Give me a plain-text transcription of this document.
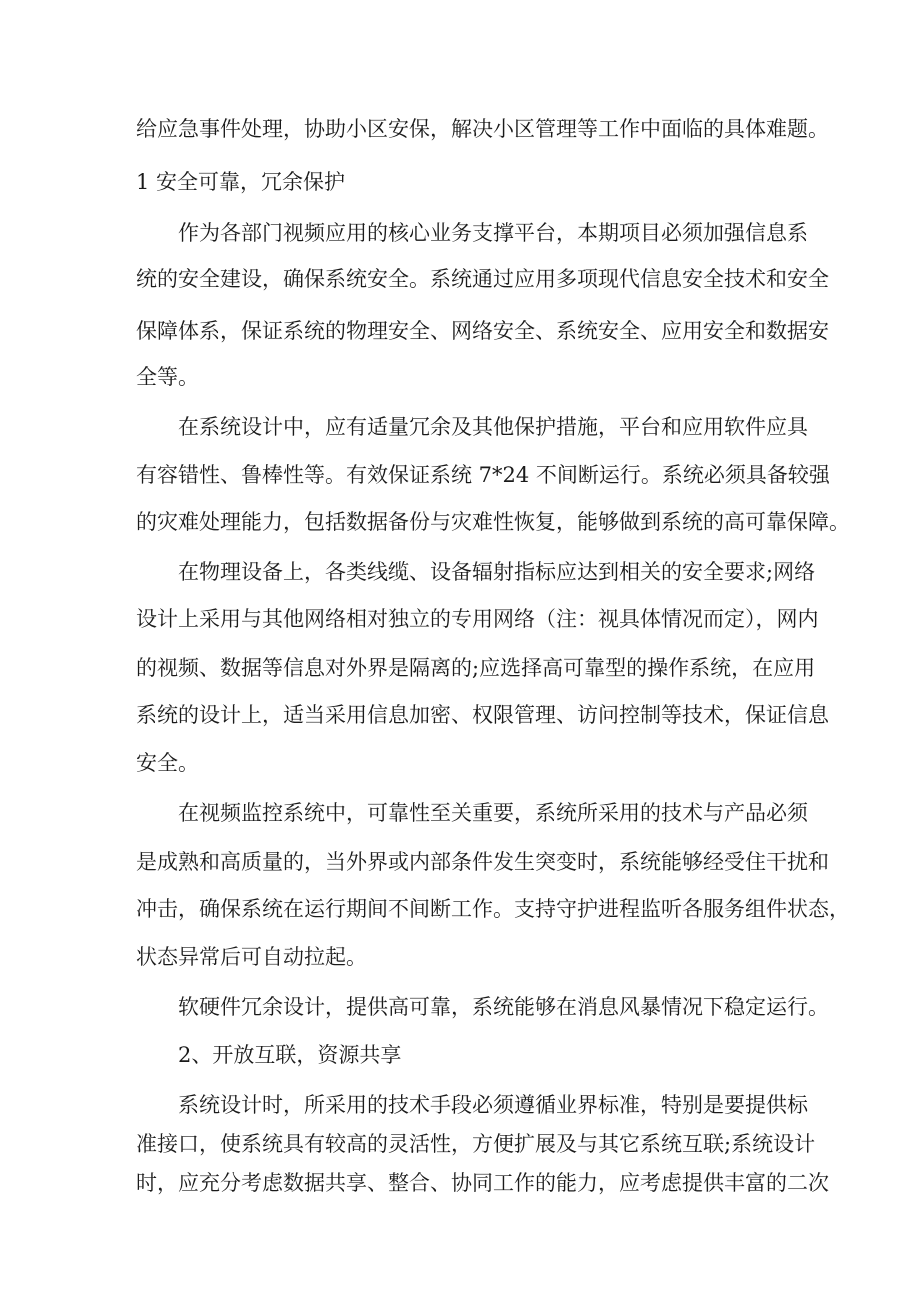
给应急事件处理，协助小区安保，解决小区管理等工作中面临的具体难题。
1 安全可靠，冗余保护
作为各部门视频应用的核心业务支撑平台，本期项目必须加强信息系
统的安全建设，确保系统安全。系统通过应用多项现代信息安全技术和安全
保障体系，保证系统的物理安全、网络安全、系统安全、应用安全和数据安
全等。
在系统设计中，应有适量冗余及其他保护措施，平台和应用软件应具
有容错性、鲁棒性等。有效保证系统 7*24 不间断运行。系统必须具备较强
的灾难处理能力，包括数据备份与灾难性恢复，能够做到系统的高可靠保障。
在物理设备上，各类线缆、设备辐射指标应达到相关的安全要求;网络
设计上采用与其他网络相对独立的专用网络（注：视具体情况而定），网内
的视频、数据等信息对外界是隔离的;应选择高可靠型的操作系统，在应用
系统的设计上，适当采用信息加密、权限管理、访问控制等技术，保证信息
安全。
在视频监控系统中，可靠性至关重要，系统所采用的技术与产品必须
是成熟和高质量的，当外界或内部条件发生突变时，系统能够经受住干扰和
冲击，确保系统在运行期间不间断工作。支持守护进程监听各服务组件状态，
状态异常后可自动拉起。
软硬件冗余设计，提供高可靠，系统能够在消息风暴情况下稳定运行。
2、开放互联，资源共享
系统设计时，所采用的技术手段必须遵循业界标准，特别是要提供标
准接口，使系统具有较高的灵活性，方便扩展及与其它系统互联;系统设计
时，应充分考虑数据共享、整合、协同工作的能力，应考虑提供丰富的二次
